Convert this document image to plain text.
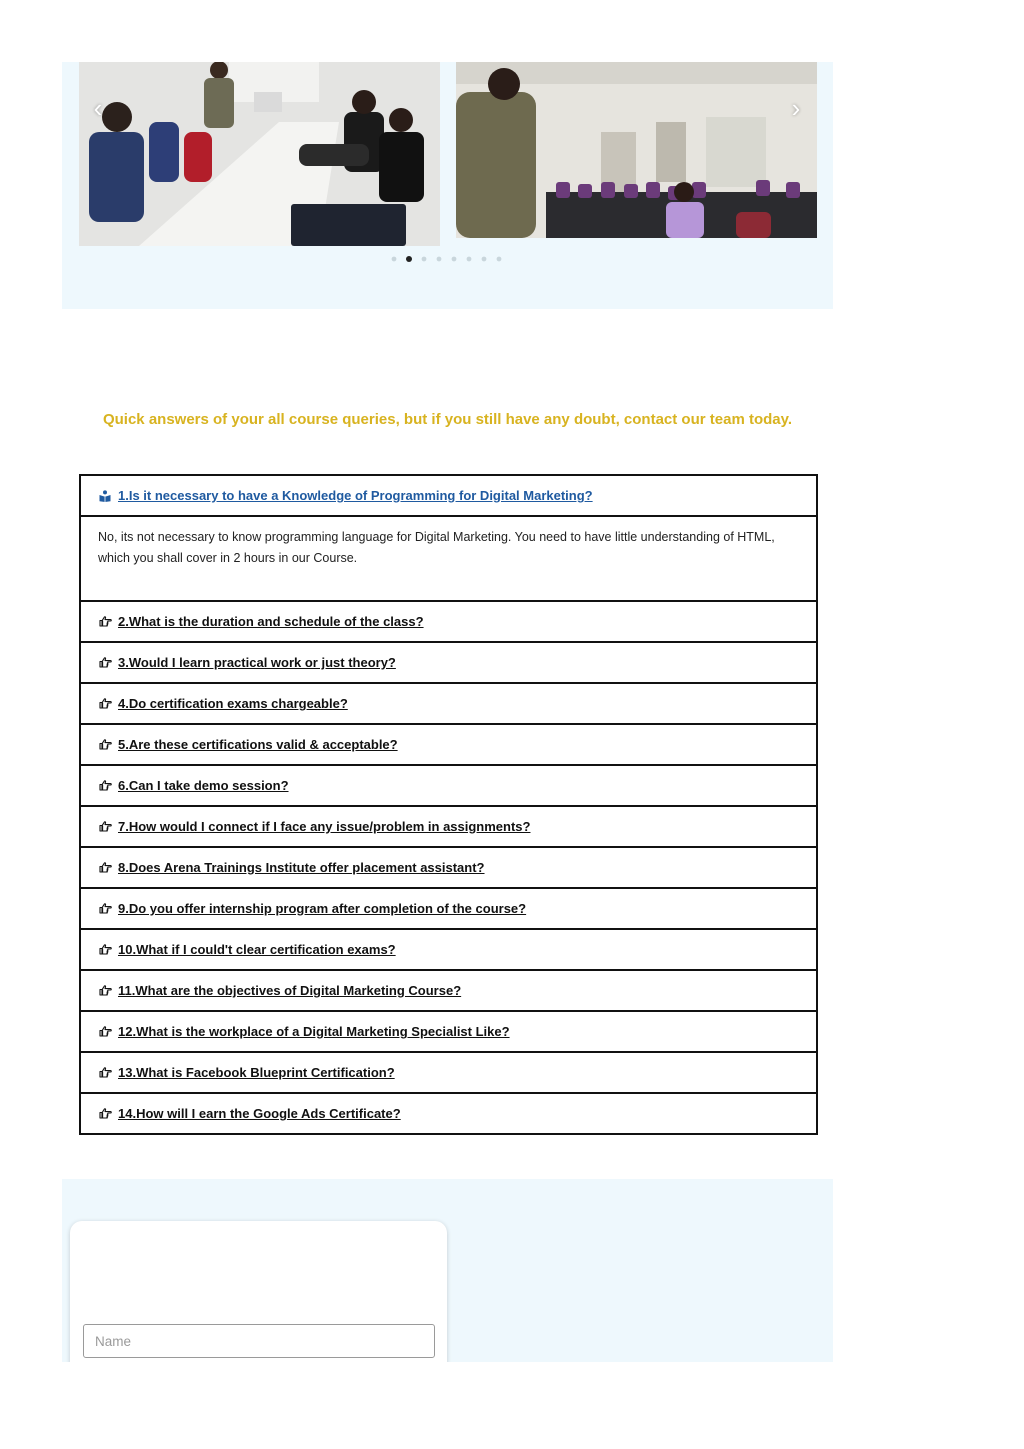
‹	›
Quick answers of your all course queries, but if you still have any doubt, contact our team today.
1.Is it necessary to have a Knowledge of Programming for Digital Marketing?
No, its not necessary to know programming language for Digital Marketing. You need to have little understanding of HTML, which you shall cover in 2 hours in our Course.
2.What is the duration and schedule of the class?
3.Would I learn practical work or just theory?
4.Do certification exams chargeable?
5.Are these certifications valid & acceptable?
6.Can I take demo session?
7.How would I connect if I face any issue/problem in assignments?
8.Does Arena Trainings Institute offer placement assistant?
9.Do you offer internship program after completion of the course?
10.What if I could't clear certification exams?
11.What are the objectives of Digital Marketing Course?
12.What is the workplace of a Digital Marketing Specialist Like?
13.What is Facebook Blueprint Certification?
14.How will I earn the Google Ads Certificate?
Name
